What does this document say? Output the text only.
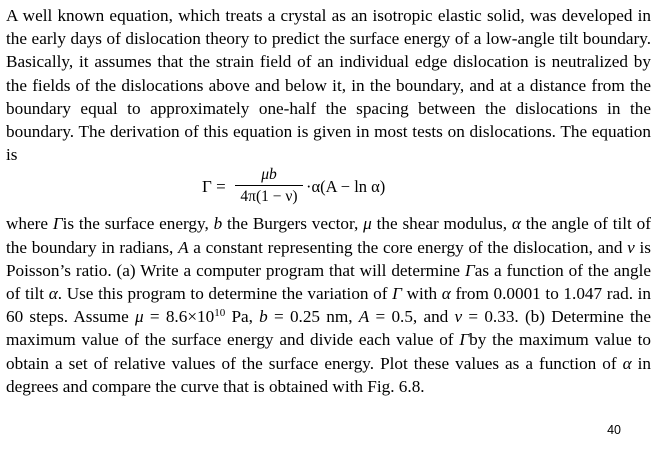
A well known equation, which treats a crystal as an isotropic elastic solid, was developed in the early days of dislocation theory to predict the surface energy of a low-angle tilt boundary. Basically, it assumes that the strain field of an individual edge dislocation is neutralized by the fields of the dislocations above and below it, in the boundary, and at a distance from the boundary equal to approximately one-half the spacing between the dislocations in the boundary. The derivation of this equation is given in most tests on dislocations. The equation is

$\Gamma = \frac{\mu b}{4\pi(1 - \nu)} \cdot\alpha(A - \ln \alpha)$

where Γis the surface energy, b the Burgers vector, μ the shear modulus, α the angle of tilt of the boundary in radians, A a constant representing the core energy of the dislocation, and ν is Poisson’s ratio. (a) Write a computer program that will determine Γas a function of the angle of tilt α. Use this program to determine the variation of Γ with α from 0.0001 to 1.047 rad. in 60 steps. Assume $\mu = 8.6\times 10^{10}$ Pa, b = 0.25 nm, A = 0.5, and ν = 0.33. (b) Determine the maximum value of the surface energy and divide each value of Γby the maximum value to obtain a set of relative values of the surface energy. Plot these values as a function of α in degrees and compare the curve that is obtained with Fig. 6.8.

40
